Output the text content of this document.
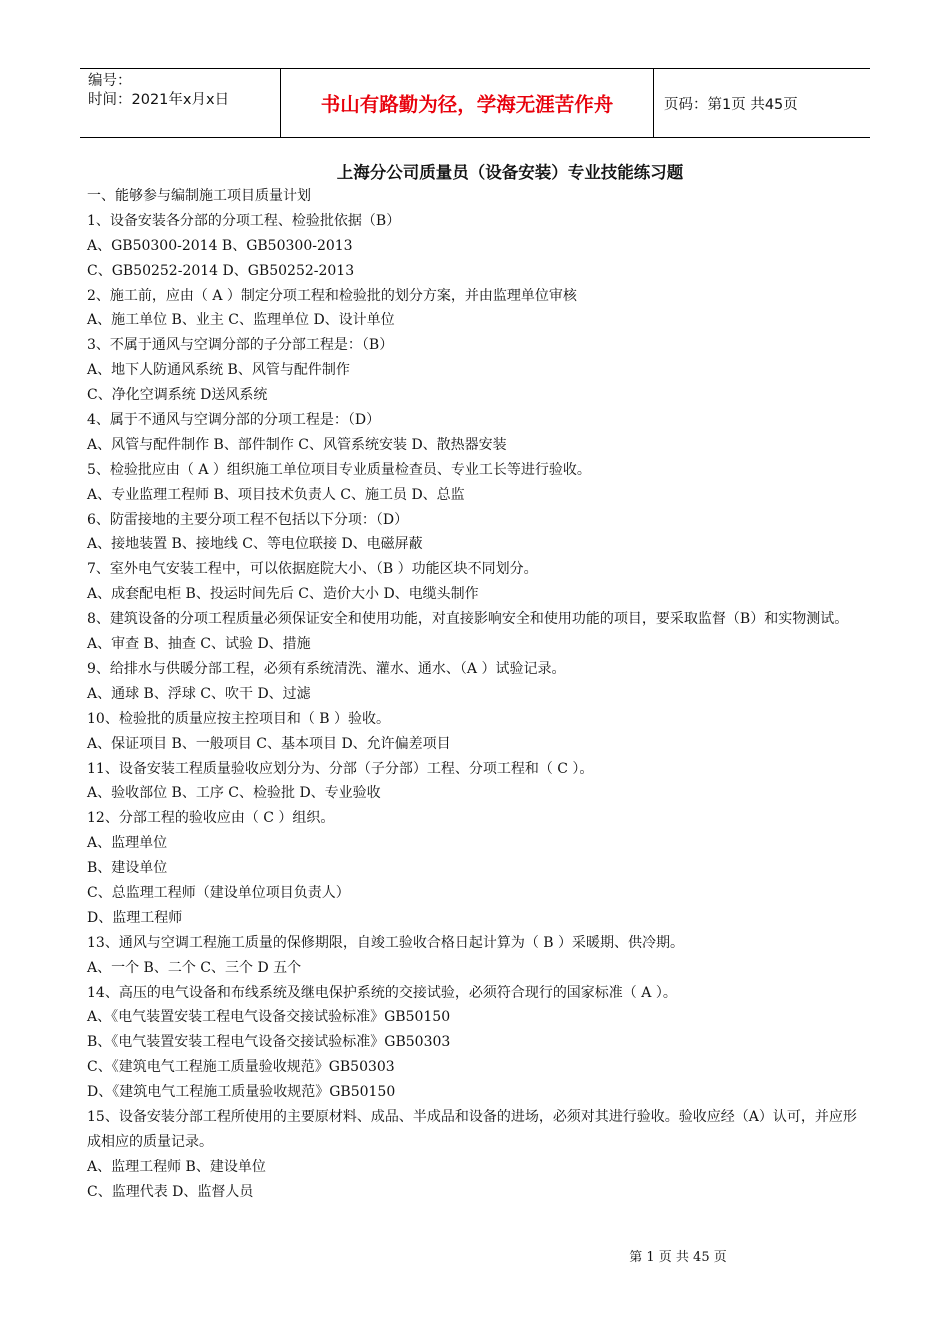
编号：
时间：2021年x月x日	书山有路勤为径，学海无涯苦作舟	页码：第1页 共45页
上海分公司质量员（设备安装）专业技能练习题
一、能够参与编制施工项目质量计划
1、设备安装各分部的分项工程、检验批依据（B）
A、GB50300-2014 B、GB50300-2013
C、GB50252-2014 D、GB50252-2013
2、施工前，应由（ A ）制定分项工程和检验批的划分方案，并由监理单位审核
A、施工单位 B、业主 C、监理单位 D、设计单位
3、不属于通风与空调分部的子分部工程是：（B）
A、地下人防通风系统 B、风管与配件制作
C、净化空调系统 D送风系统
4、属于不通风与空调分部的分项工程是：（D）
A、风管与配件制作 B、部件制作 C、风管系统安装 D、散热器安装
5、检验批应由（ A ）组织施工单位项目专业质量检查员、专业工长等进行验收。
A、专业监理工程师 B、项目技术负责人 C、施工员 D、总监
6、防雷接地的主要分项工程不包括以下分项：（D）
A、接地装置 B、接地线 C、等电位联接 D、电磁屏蔽
7、室外电气安装工程中，可以依据庭院大小、（B ）功能区块不同划分。
A、成套配电柜 B、投运时间先后 C、造价大小 D、电缆头制作
8、建筑设备的分项工程质量必须保证安全和使用功能，对直接影响安全和使用功能的项目，要采取监督（B）和实物测试。
A、审查 B、抽查 C、试验 D、措施
9、给排水与供暖分部工程，必须有系统清洗、灌水、通水、（A ）试验记录。
A、通球 B、浮球 C、吹干 D、过滤
10、检验批的质量应按主控项目和（ B ）验收。
A、保证项目 B、一般项目 C、基本项目 D、允许偏差项目
11、设备安装工程质量验收应划分为、分部（子分部）工程、分项工程和（ C ）。
A、验收部位 B、工序 C、检验批 D、专业验收
12、分部工程的验收应由（ C ）组织。
A、监理单位
B、建设单位
C、总监理工程师（建设单位项目负责人）
D、监理工程师
13、通风与空调工程施工质量的保修期限，自竣工验收合格日起计算为（ B ）采暖期、供冷期。
A、一个 B、二个 C、三个 D 五个
14、高压的电气设备和布线系统及继电保护系统的交接试验，必须符合现行的国家标准（ A ）。
A、《电气装置安装工程电气设备交接试验标准》GB50150
B、《电气装置安装工程电气设备交接试验标准》GB50303
C、《建筑电气工程施工质量验收规范》GB50303
D、《建筑电气工程施工质量验收规范》GB50150
15、设备安装分部工程所使用的主要原材料、成品、半成品和设备的进场，必须对其进行验收。验收应经（A）认可，并应形成相应的质量记录。
A、监理工程师 B、建设单位
C、监理代表 D、监督人员
第 1 页 共 45 页
